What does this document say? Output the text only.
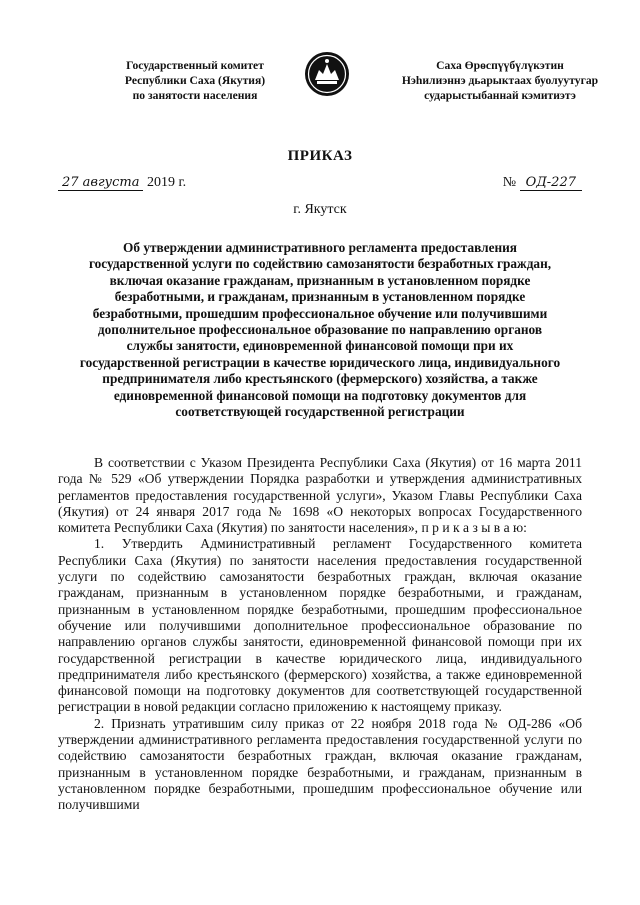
Государственный комитет
Республики Саха (Якутия)
по занятости населения
Саха Өрөспүүбүлүкэтин
Нэһилиэннэ дьарыктаах буолуутугар
сударыстыбаннай кэмитиэтэ
ПРИКАЗ
27 августа 2019 г.	№ ОД-227
г. Якутск
Об утверждении административного регламента предоставления государственной услуги по содействию самозанятости безработных граждан, включая оказание гражданам, признанным в установленном порядке безработными, и гражданам, признанным в установленном порядке безработными, прошедшим профессиональное обучение или получившими дополнительное профессиональное образование по направлению органов службы занятости, единовременной финансовой помощи при их государственной регистрации в качестве юридического лица, индивидуального предпринимателя либо крестьянского (фермерского) хозяйства, а также единовременной финансовой помощи на подготовку документов для соответствующей государственной регистрации

В соответствии с Указом Президента Республики Саха (Якутия) от 16 марта 2011 года № 529 «Об утверждении Порядка разработки и утверждения административных регламентов предоставления государственной услуги», Указом Главы Республики Саха (Якутия) от 24 января 2017 года № 1698 «О некоторых вопросах Государственного комитета Республики Саха (Якутия) по занятости населения», п р и к а з ы в а ю:

1. Утвердить Административный регламент Государственного комитета Республики Саха (Якутия) по занятости населения предоставления государственной услуги по содействию самозанятости безработных граждан, включая оказание гражданам, признанным в установленном порядке безработными, и гражданам, признанным в установленном порядке безработными, прошедшим профессиональное обучение или получившими дополнительное профессиональное образование по направлению органов службы занятости, единовременной финансовой помощи при их государственной регистрации в качестве юридического лица, индивидуального предпринимателя либо крестьянского (фермерского) хозяйства, а также единовременной финансовой помощи на подготовку документов для соответствующей государственной регистрации в новой редакции согласно приложению к настоящему приказу.

2. Признать утратившим силу приказ от 22 ноября 2018 года № ОД-286 «Об утверждении административного регламента предоставления государственной услуги по содействию самозанятости безработных граждан, включая оказание гражданам, признанным в установленном порядке безработными, и гражданам, признанным в установленном порядке безработными, прошедшим профессиональное обучение или получившими
